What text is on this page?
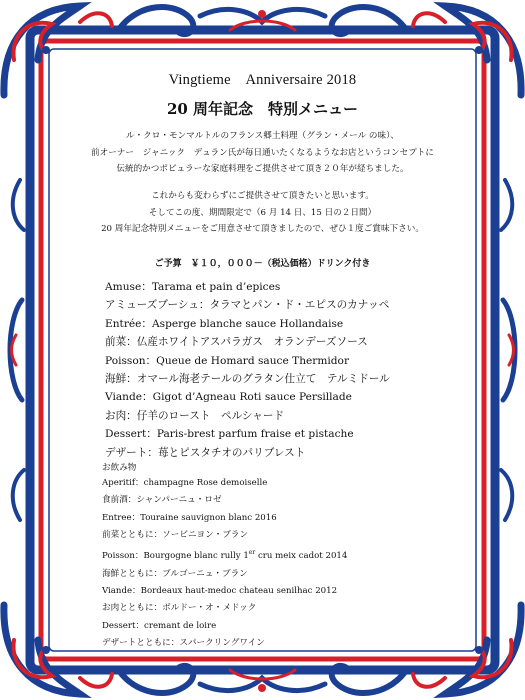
Vingtieme　Anniversaire 2018
20 周年記念　特別メニュー
ル・クロ・モンマルトルのフランス郷土料理（グラン・メール の味）、
前オーナー　ジャニック　デュラン氏が毎日通いたくなるようなお店というコンセプトに
伝統的かつポピュラーな家庭料理をご提供させて頂き２０年が経ちました。
これからも変わらずにご提供させて頂きたいと思います。
そしてこの度、期間限定で（6 月 14 日、15 日の２日間）
20 周年記念特別メニューをご用意させて頂きましたので、ぜひ１度ご賞味下さい。
ご予算　￥１０，０００－（税込価格）ドリンク付き
Amuse：Tarama et pain d’epices
アミューズブーシュ：タラマとパン・ド・エピスのカナッペ
Entrée：Asperge blanche sauce Hollandaise
前菜：仏産ホワイトアスパラガス　オランデーズソース
Poisson：Queue de Homard sauce Thermidor
海鮮：オマール海老テールのグラタン仕立て　テルミドール
Viande：Gigot d’Agneau Roti sauce Persillade
お肉：仔羊のロースト　ペルシャード
Dessert：Paris-brest parfum fraise et pistache
デザート：苺とピスタチオのパリブレスト
お飲み物
Aperitif：champagne Rose demoiselle
食前酒：シャンパーニュ・ロゼ
Entree：Touraine sauvignon blanc 2016
前菜とともに：ソービニヨン・ブラン
Poisson：Bourgogne blanc rully 1er cru meix cadot 2014
海鮮とともに：ブルゴーニュ・ブラン
Viande：Bordeaux haut-medoc chateau senilhac 2012
お肉とともに：ボルドー・オ・メドック
Dessert：cremant de loire
デザートとともに：スパークリングワイン
